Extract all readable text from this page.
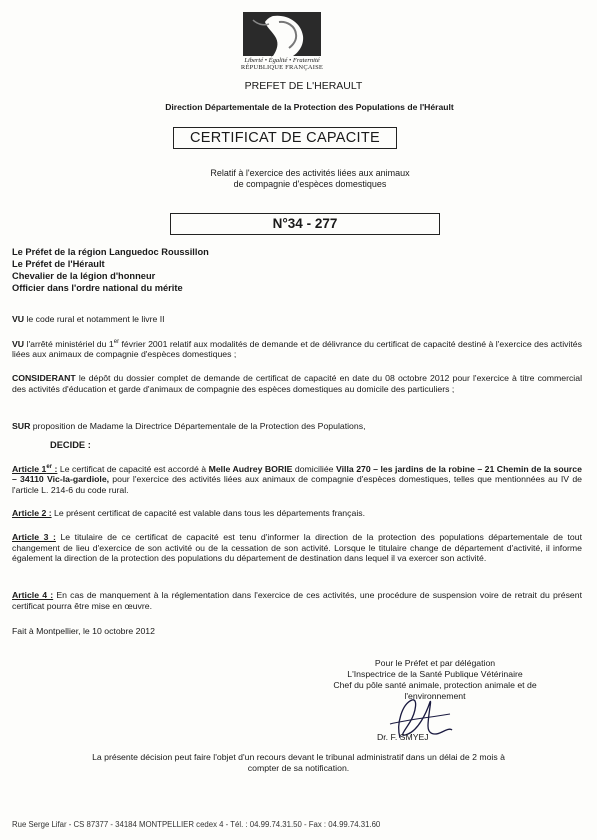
Liberté • Égalité • Fraternité
RÉPUBLIQUE FRANÇAISE
PREFET DE L'HERAULT
Direction Départementale de la Protection des Populations de l'Hérault
CERTIFICAT DE CAPACITE
Relatif à l'exercice des activités liées aux animaux
de compagnie d'espèces domestiques
N°34 - 277
Le Préfet de la région Languedoc Roussillon
Le Préfet de l'Hérault
Chevalier de la légion d'honneur
Officier dans l'ordre national du mérite
VU le code rural et notamment le livre II
VU l'arrêté ministériel du 1er février 2001 relatif aux modalités de demande et de délivrance du certificat de capacité destiné à l'exercice des activités liées aux animaux de compagnie d'espèces domestiques ;
CONSIDERANT le dépôt du dossier complet de demande de certificat de capacité en date du 08 octobre 2012 pour l'exercice à titre commercial des activités d'éducation et garde d'animaux de compagnie des espèces domestiques au domicile des particuliers ;
SUR proposition de Madame la Directrice Départementale de la Protection des Populations,
DECIDE :
Article 1er : Le certificat de capacité est accordé à Melle Audrey BORIE domiciliée Villa 270 – les jardins de la robine – 21 Chemin de la source – 34110 Vic-la-gardiole, pour l'exercice des activités liées aux animaux de compagnie d'espèces domestiques, telles que mentionnées au IV de l'article L. 214-6 du code rural.
Article 2 : Le présent certificat de capacité est valable dans tous les départements français.
Article 3 : Le titulaire de ce certificat de capacité est tenu d'informer la direction de la protection des populations départementale de tout changement de lieu d'exercice de son activité ou de la cessation de son activité. Lorsque le titulaire change de département d'activité, il informe également la direction de la protection des populations du département de destination dans lequel il va exercer son activité.
Article 4 : En cas de manquement à la réglementation dans l'exercice de ces activités, une procédure de suspension voire de retrait du présent certificat pourra être mise en œuvre.
Fait à Montpellier, le 10 octobre 2012
Pour le Préfet et par délégation
L'Inspectrice de la Santé Publique Vétérinaire
Chef du pôle santé animale, protection animale et de
l'environnement
Dr. F. SMYEJ
La présente décision peut faire l'objet d'un recours devant le tribunal administratif dans un délai de 2 mois à
compter de sa notification.
Rue Serge Lifar - CS 87377 - 34184 MONTPELLIER cedex 4 - Tél. : 04.99.74.31.50 - Fax : 04.99.74.31.60
